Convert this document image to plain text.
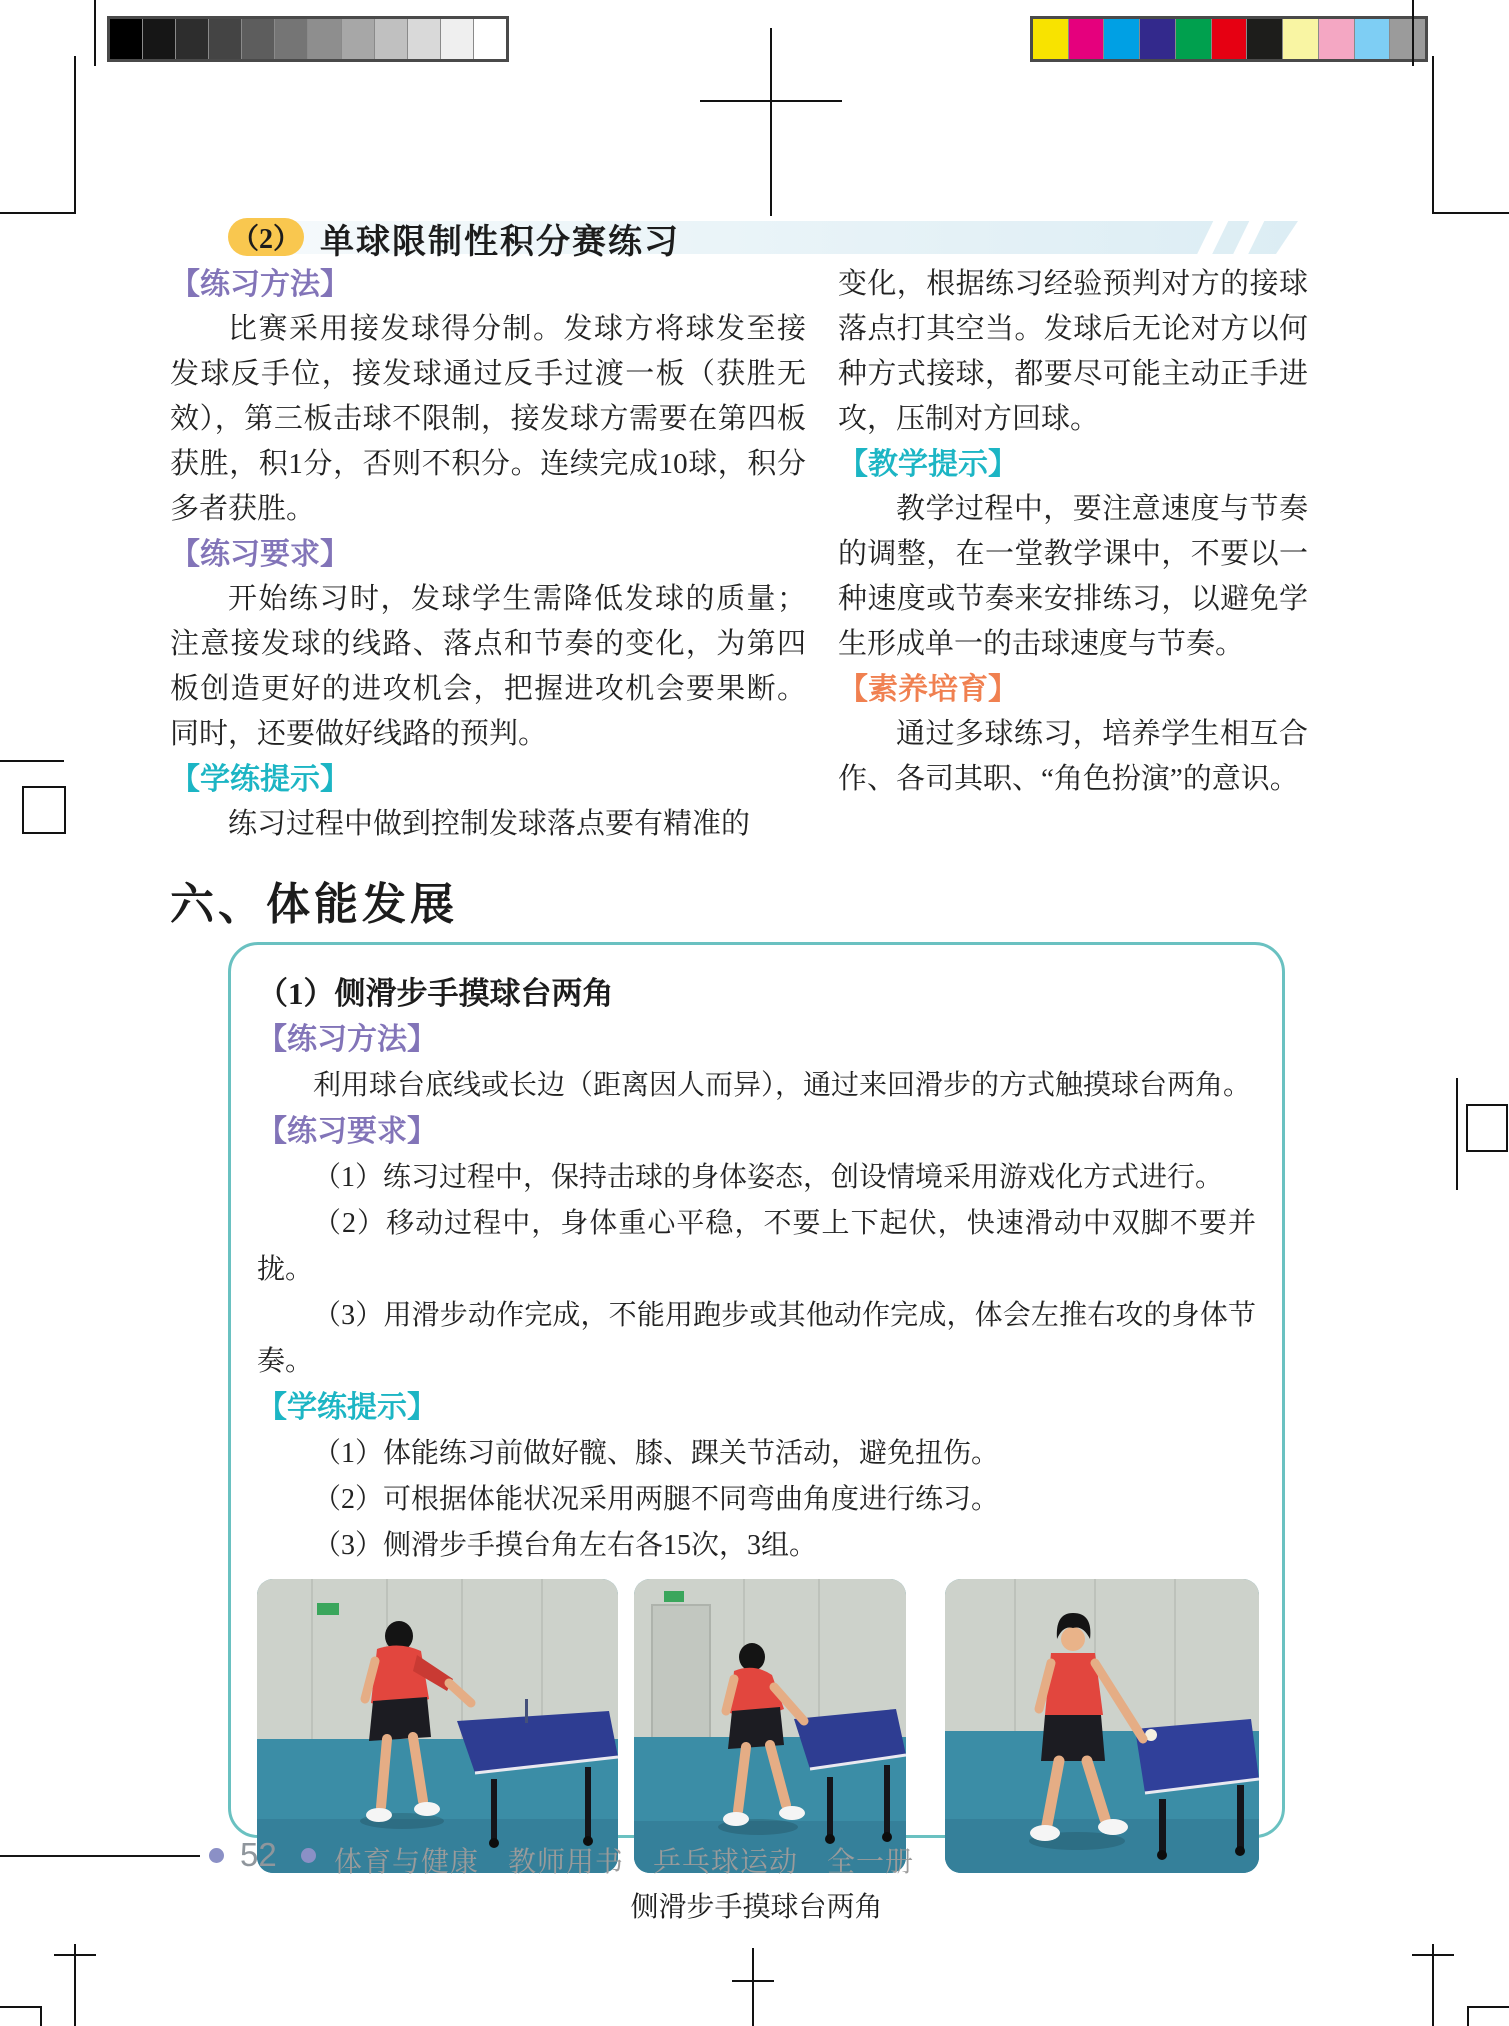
（2） 单球限制性积分赛练习
【练习方法】

比赛采用接发球得分制。发球方将球发至接发球反手位，接发球通过反手过渡一板（获胜无效），第三板击球不限制，接发球方需要在第四板获胜，积1分，否则不积分。连续完成10球，积分多者获胜。

【练习要求】

开始练习时，发球学生需降低发球的质量；注意接发球的线路、落点和节奏的变化，为第四板创造更好的进攻机会，把握进攻机会要果断。同时，还要做好线路的预判。

【学练提示】

练习过程中做到控制发球落点要有精准的

变化，根据练习经验预判对方的接球落点打其空当。发球后无论对方以何种方式接球，都要尽可能主动正手进攻，压制对方回球。

【教学提示】

教学过程中，要注意速度与节奏的调整，在一堂教学课中，不要以一种速度或节奏来安排练习，以避免学生形成单一的击球速度与节奏。

【素养培育】

通过多球练习，培养学生相互合作、各司其职、“角色扮演”的意识。

六、体能发展
（1）侧滑步手摸球台两角
【练习方法】

利用球台底线或长边（距离因人而异），通过来回滑步的方式触摸球台两角。

【练习要求】

（1）练习过程中，保持击球的身体姿态，创设情境采用游戏化方式进行。

（2）移动过程中，身体重心平稳，不要上下起伏，快速滑动中双脚不要并拢。

（3）用滑步动作完成，不能用跑步或其他动作完成，体会左推右攻的身体节奏。

【学练提示】

（1）体能练习前做好髋、膝、踝关节活动，避免扭伤。

（2）可根据体能状况采用两腿不同弯曲角度进行练习。

（3）侧滑步手摸台角左右各15次，3组。

侧滑步手摸球台两角
52 体育与健康　教师用书　乒乓球运动　全一册
